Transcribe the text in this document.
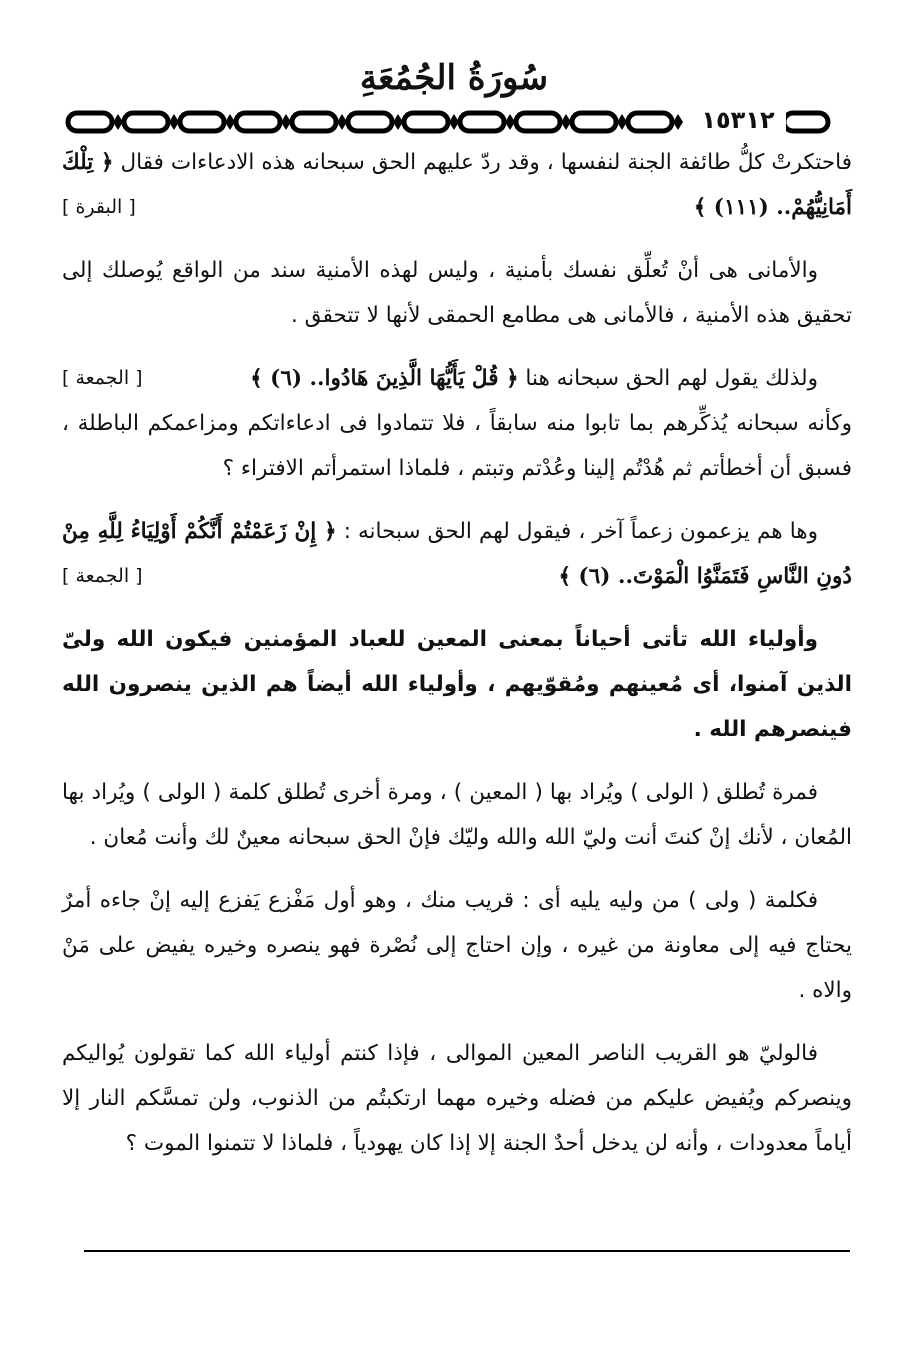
سُورَةُ الجُمُعَةِ
١٥٣١٢

فاحتكرتْ كلُّ طائفة الجنة لنفسها ، وقد ردّ عليهم الحق سبحانه هذه الادعاءات فقال ﴿ تِلْكَ أَمَانِيُّهُمْ.. (١١١) ﴾
[ البقرة ]

والأمانى هى أنْ تُعلِّق نفسك بأمنية ، وليس لهذه الأمنية سند من الواقع يُوصلك إلى تحقيق هذه الأمنية ، فالأمانى هى مطامع الحمقى لأنها لا تتحقق .

ولذلك يقول لهم الحق سبحانه هنا ﴿ قُلْ يَأَيُّهَا الَّذِينَ هَادُوا.. (٦) ﴾
[ الجمعة ]

وكأنه سبحانه يُذكِّرهم بما تابوا منه سابقاً ، فلا تتمادوا فى ادعاءاتكم ومزاعمكم الباطلة ، فسبق أن أخطأتم ثم هُدْتُم إلينا وعُدْتم وتبتم ، فلماذا استمرأتم الافتراء ؟

وها هم يزعمون زعماً آخر ، فيقول لهم الحق سبحانه : ﴿ إِنْ زَعَمْتُمْ أَنَّكُمْ أَوْلِيَاءُ لِلَّهِ مِنْ دُونِ النَّاسِ فَتَمَنَّوُا الْمَوْتَ.. (٦) ﴾
[ الجمعة ]

وأولياء الله تأتى أحياناً بمعنى المعين للعباد المؤمنين فيكون الله ولىّ الذين آمنوا، أى مُعينهم ومُقوّيهم ، وأولياء الله أيضاً هم الذين ينصرون الله فينصرهم الله .

فمرة تُطلق ( الولى ) ويُراد بها ( المعين ) ، ومرة أخرى تُطلق كلمة ( الولى ) ويُراد بها المُعان ، لأنك إنْ كنتَ أنت وليّ الله والله وليّك فإنْ الحق سبحانه معينٌ لك وأنت مُعان .

فكلمة ( ولى ) من وليه يليه أى : قريب منك ، وهو أول مَفْزع يَفزع إليه إنْ جاءه أمرٌ يحتاج فيه إلى معاونة من غيره ، وإن احتاج إلى نُصْرة فهو ينصره وخيره يفيض على مَنْ والاه .

فالوليّ هو القريب الناصر المعين الموالى ، فإذا كنتم أولياء الله كما تقولون يُواليكم وينصركم ويُفيض عليكم من فضله وخيره مهما ارتكبتُم من الذنوب، ولن تمسَّكم النار إلا أياماً معدودات ، وأنه لن يدخل أحدٌ الجنة إلا إذا كان يهودياً ، فلماذا لا تتمنوا الموت ؟
